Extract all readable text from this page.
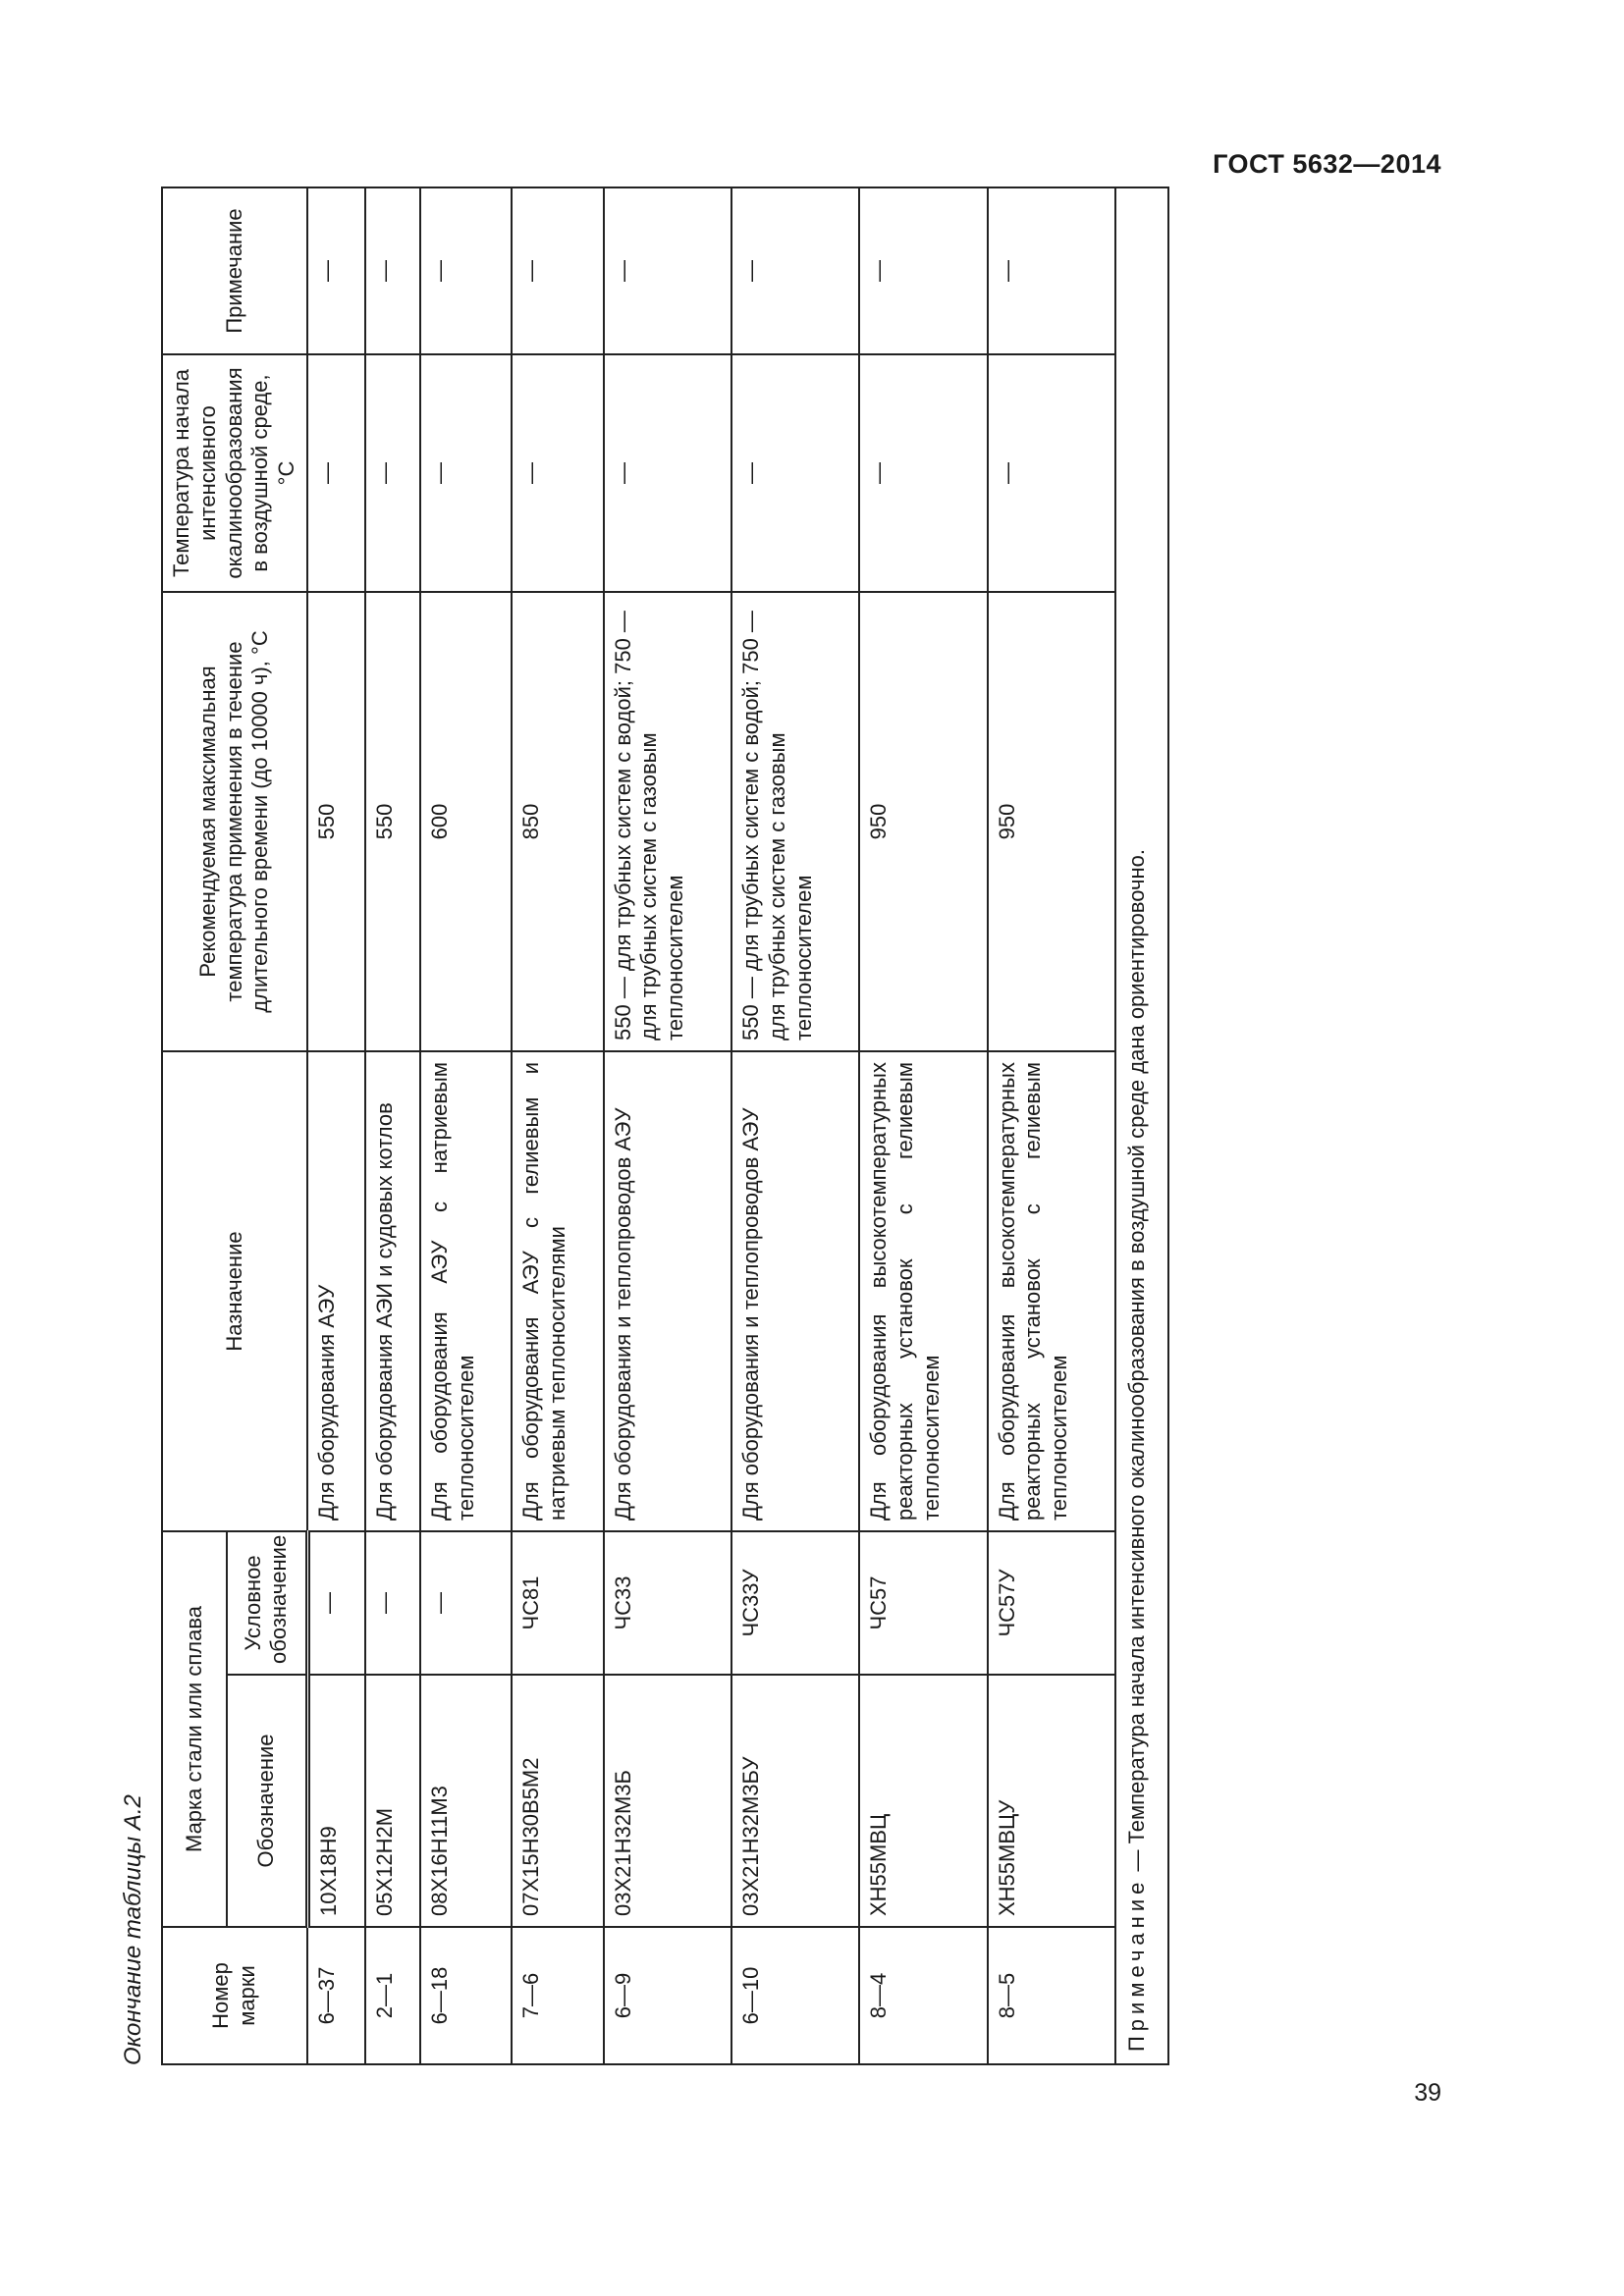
ГОСТ 5632—2014
Окончание таблицы А.2	Номер марки	Марка стали или сплава		Назначение	Рекомендуемая максимальная температура применения в течение длительного времени (до 10000 ч), °С	Температура начала интенсивного окалинообразования в воздушной среде, °С	Примечание
	Обозначение	Условное обозначение				
6—37	10Х18Н9	—	Для оборудования АЭУ	550	—	—
2—1	05Х12Н2М	—	Для оборудования АЭИ и судовых котлов	550	—	—
6—18	08Х16Н11М3	—	Для оборудования АЭУ с натриевым теплоносителем	600	—	—
7—6	07Х15Н30В5М2	ЧС81	Для оборудования АЭУ с гелиевым и натриевым теплоносителями	850	—	—
6—9	03Х21Н32М3Б	ЧС33	Для оборудования и теплопроводов АЭУ	550 — для трубных систем с водой; 750 — для трубных систем с газовым теплоносителем	—	—
6—10	03Х21Н32М3БУ	ЧС33У	Для оборудования и теплопроводов АЭУ	550 — для трубных систем с водой; 750 — для трубных систем с газовым теплоносителем	—	—
8—4	ХН55МВЦ	ЧС57	Для оборудования высокотемпературных реакторных установок с гелиевым теплоносителем	950	—	—
8—5	ХН55МВЦУ	ЧС57У	Для оборудования высокотемпературных реакторных установок с гелиевым теплоносителем	950	—	—
Примечание — Температура начала интенсивного окалинообразования в воздушной среде дана ориентировочно.						
39
